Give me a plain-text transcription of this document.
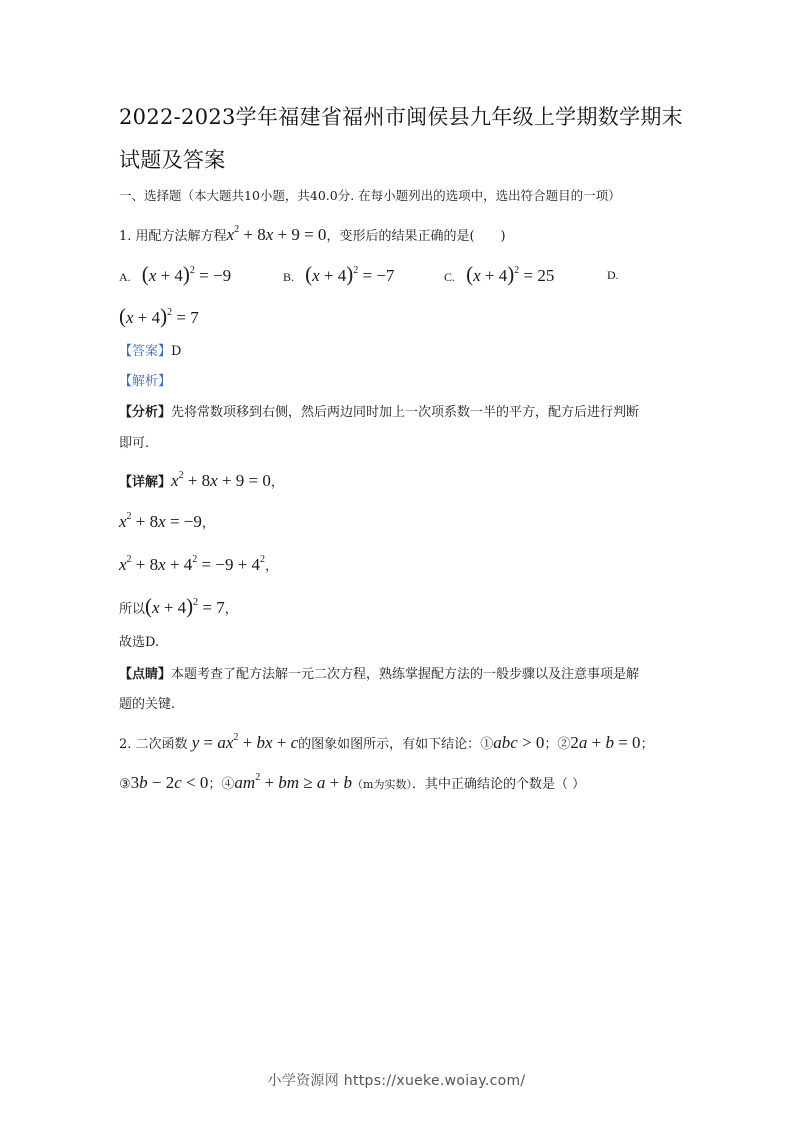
2022-2023学年福建省福州市闽侯县九年级上学期数学期末
试题及答案
一、选择题（本大题共10小题，共40.0分. 在每小题列出的选项中，选出符合题目的一项）
1. 用配方法解方程$x^2 + 8x + 9 = 0$，变形后的结果正确的是(　　)
A. $(x + 4)^2 = -9$	B. $(x + 4)^2 = -7$	C. $(x + 4)^2 = 25$	D.
$(x + 4)^2 = 7$
【答案】D
【解析】
【分析】先将常数项移到右侧，然后两边同时加上一次项系数一半的平方，配方后进行判断
即可.
【详解】$x^2 + 8x + 9 = 0$，
$x^2 + 8x = -9$，
$x^2 + 8x + 4^2 = -9 + 4^2$，
所以$(x + 4)^2 = 7$，
故选D.
【点睛】本题考查了配方法解一元二次方程，熟练掌握配方法的一般步骤以及注意事项是解
题的关键.
2. 二次函数 $y = ax^2$ + bx + c的图象如图所示，有如下结论：①abc > 0；②2a + b = 0；
③3b − 2c < 0；$④am^2$ + bm ≥ a + b（m为实数）．其中正确结论的个数是（ ）
小学资源网 https://xueke.woiay.com/
